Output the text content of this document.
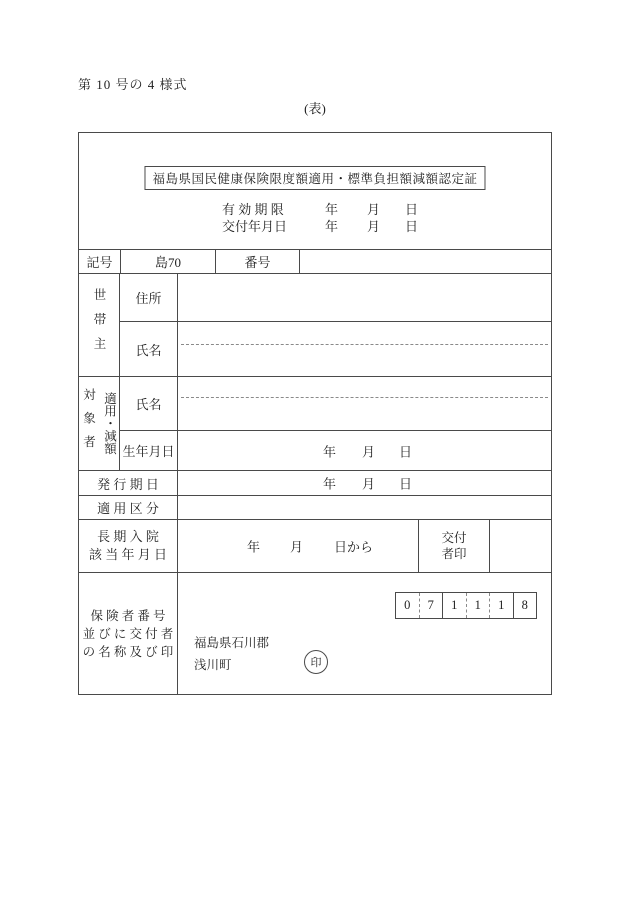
第 10 号の 4 様式
(表)
福島県国民健康保険限度額適用・標準負担額減額認定証
有 効 期 限	年 月 日
交付年月日	年 月 日
記号	島70	番号
世帯主	住所
氏名
対象者 適用・減額	氏名
生年月日	年 月 日
発 行 期 日	年 月 日
適 用 区 分
長 期 入 院
該 当 年 月 日	年 月 日から
交付
者印
保 険 者 番 号
並 び に 交 付 者
の 名 称 及 び 印
0	7	1	1	1	8
福島県石川郡
浅川町	印
